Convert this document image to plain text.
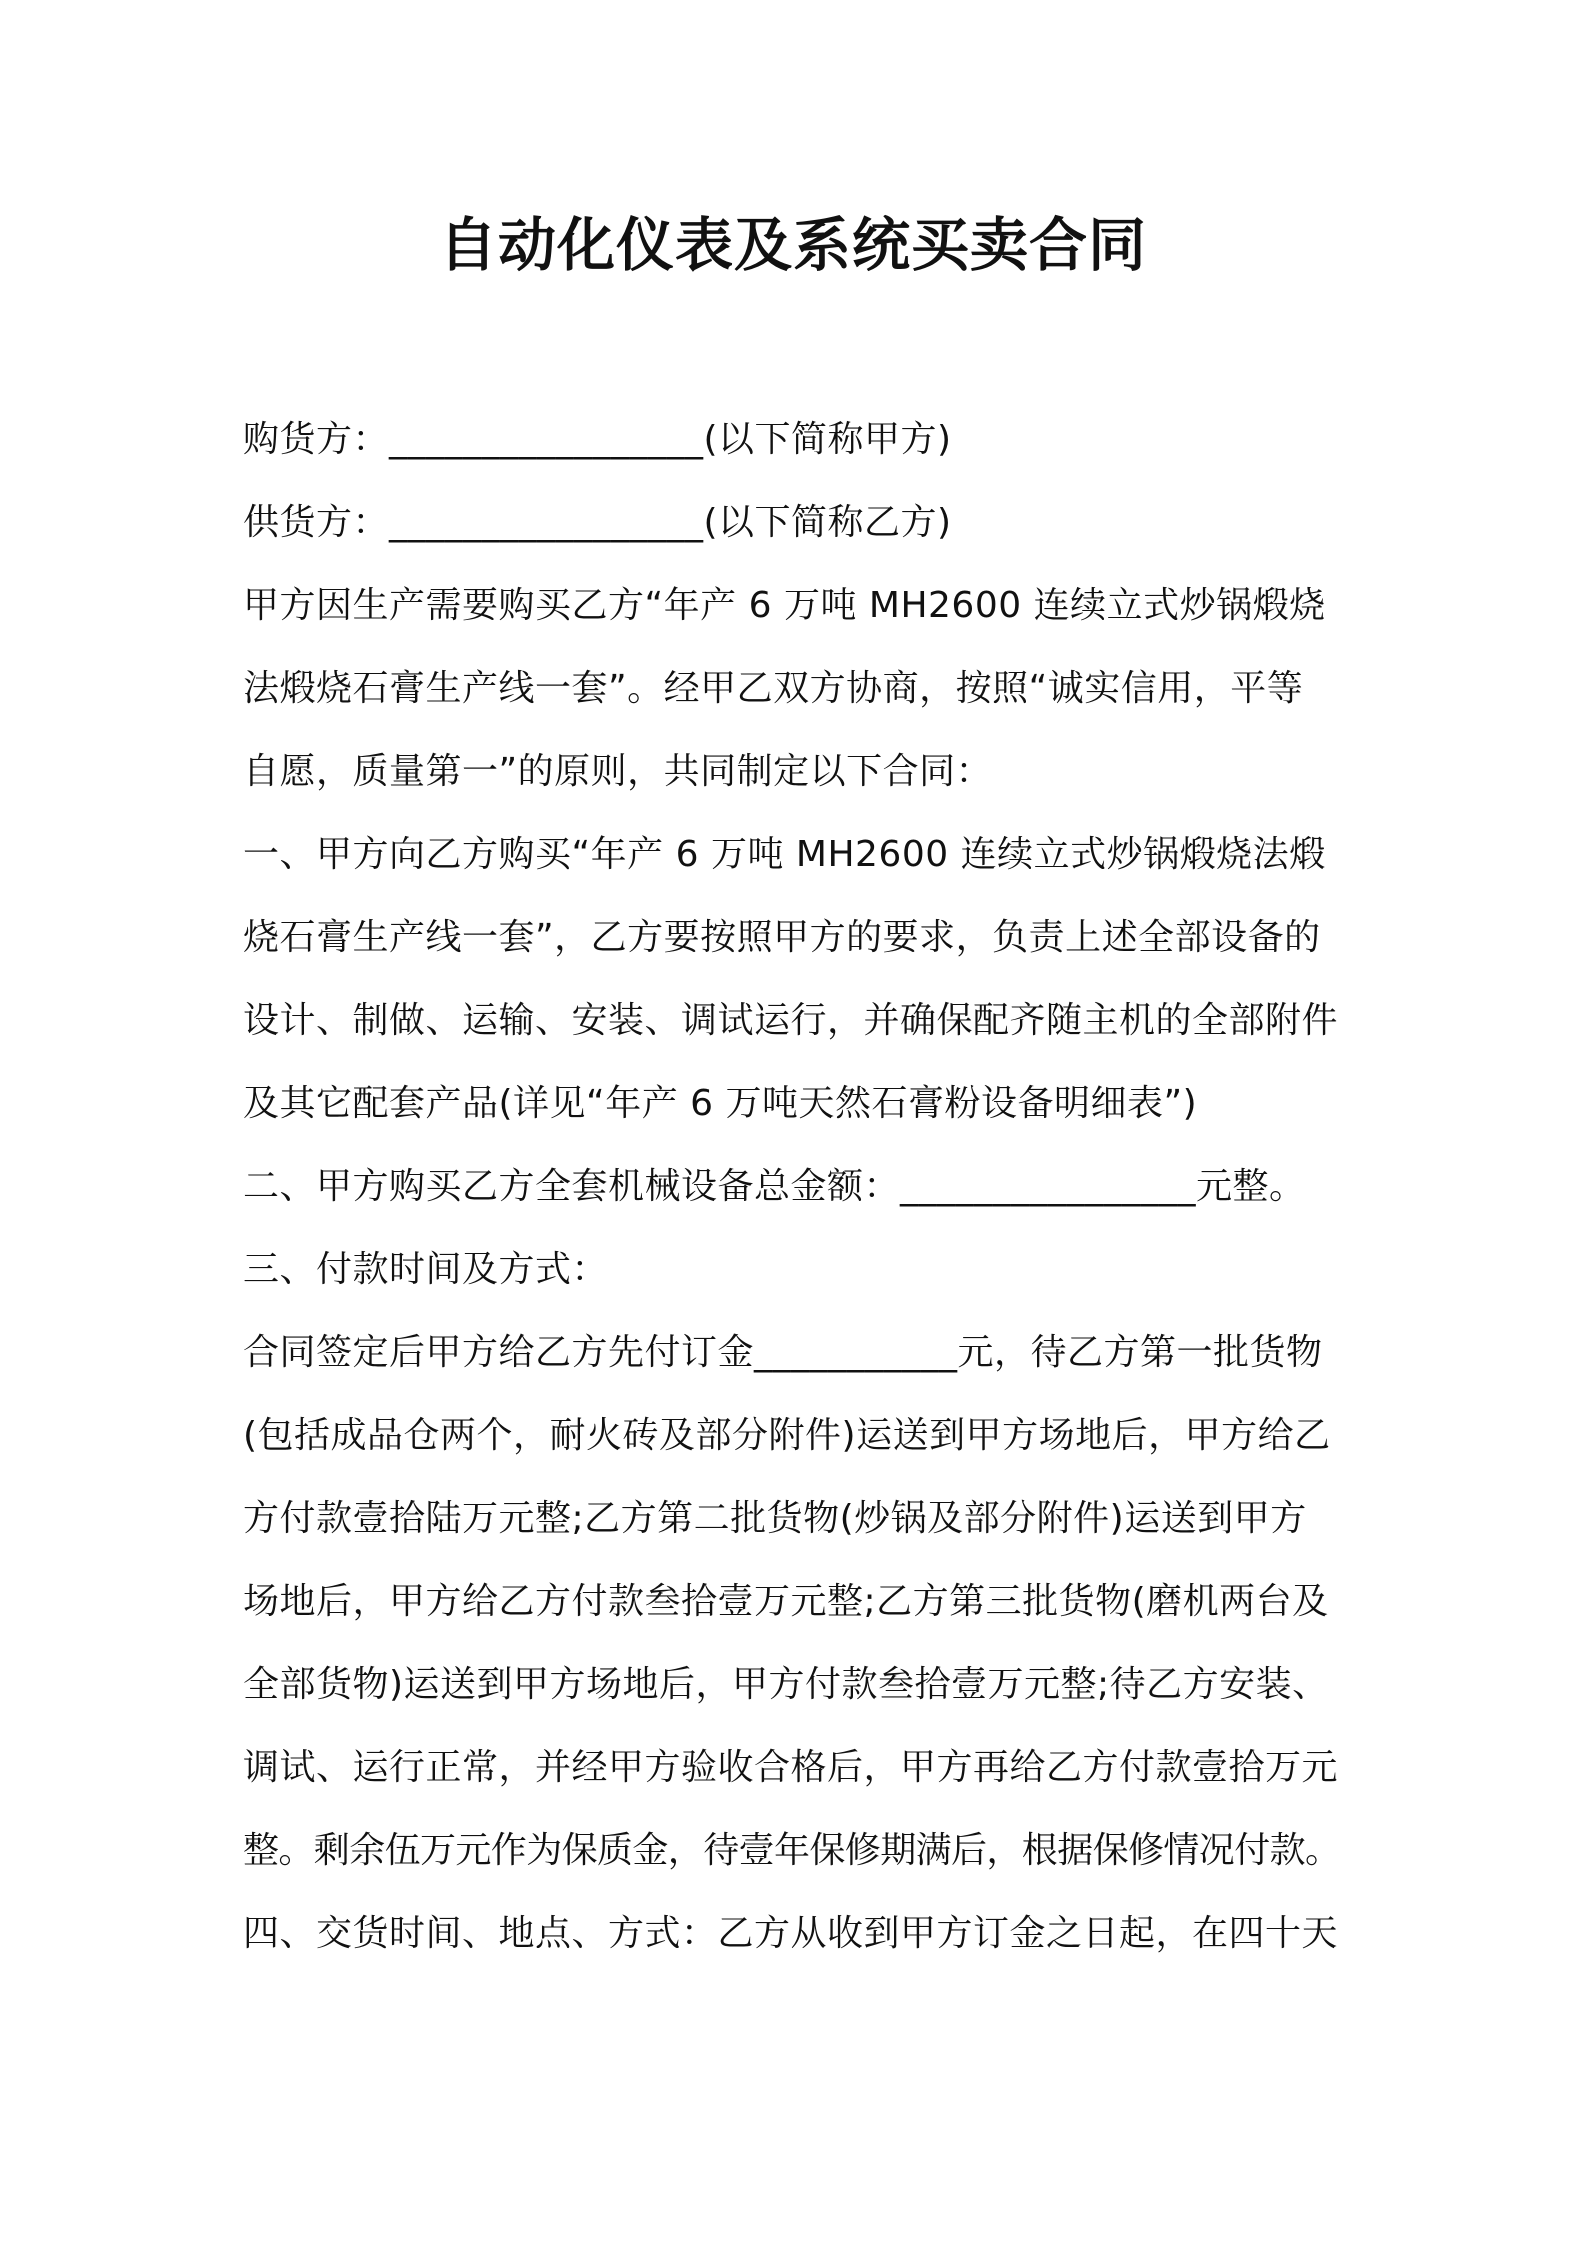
自动化仪表及系统买卖合同
购货方：_________________(以下简称甲方)
供货方：_________________(以下简称乙方)
甲方因生产需要购买乙方“年产 6 万吨 MH2600 连续立式炒锅煅烧
法煅烧石膏生产线一套”。经甲乙双方协商，按照“诚实信用，平等
自愿，质量第一”的原则，共同制定以下合同：
一、甲方向乙方购买“年产 6 万吨 MH2600 连续立式炒锅煅烧法煅
烧石膏生产线一套”，乙方要按照甲方的要求，负责上述全部设备的
设计、制做、运输、安装、调试运行，并确保配齐随主机的全部附件
及其它配套产品(详见“年产 6 万吨天然石膏粉设备明细表”)
二、甲方购买乙方全套机械设备总金额：________________元整。
三、付款时间及方式：
合同签定后甲方给乙方先付订金___________元，待乙方第一批货物
(包括成品仓两个，耐火砖及部分附件)运送到甲方场地后，甲方给乙
方付款壹拾陆万元整;乙方第二批货物(炒锅及部分附件)运送到甲方
场地后，甲方给乙方付款叁拾壹万元整;乙方第三批货物(磨机两台及
全部货物)运送到甲方场地后，甲方付款叁拾壹万元整;待乙方安装、
调试、运行正常，并经甲方验收合格后，甲方再给乙方付款壹拾万元
整。剩余伍万元作为保质金，待壹年保修期满后，根据保修情况付款。
四、交货时间、地点、方式：乙方从收到甲方订金之日起，在四十天
